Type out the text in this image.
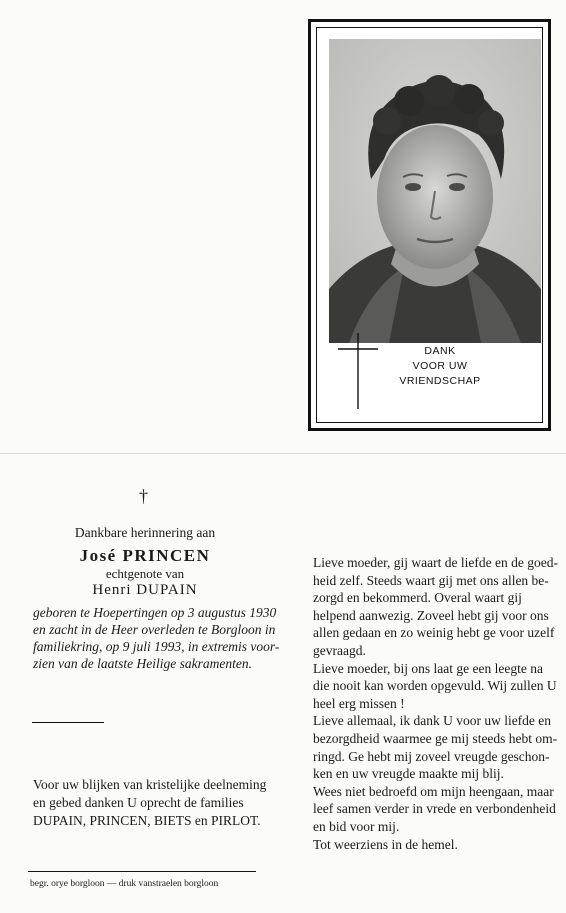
DANK
VOOR UW
VRIENDSCHAP
†
Dankbare herinnering aan
José PRINCEN
echtgenote van
Henri DUPAIN
geboren te Hoepertingen op 3 augustus 1930
en zacht in de Heer overleden te Borgloon in
familiekring, op 9 juli 1993, in extremis voor-
zien van de laatste Heilige sakramenten.
Voor uw blijken van kristelijke deelneming
en gebed danken U oprecht de families
DUPAIN, PRINCEN, BIETS en PIRLOT.
begr. orye borgloon — druk vanstraelen borgloon
Lieve moeder, gij waart de liefde en de goed-
heid zelf. Steeds waart gij met ons allen be-
zorgd en bekommerd. Overal waart gij
helpend aanwezig. Zoveel hebt gij voor ons
allen gedaan en zo weinig hebt ge voor uzelf
gevraagd.
Lieve moeder, bij ons laat ge een leegte na
die nooit kan worden opgevuld. Wij zullen U
heel erg missen !
Lieve allemaal, ik dank U voor uw liefde en
bezorgdheid waarmee ge mij steeds hebt om-
ringd. Ge hebt mij zoveel vreugde geschon-
ken en uw vreugde maakte mij blij.
Wees niet bedroefd om mijn heengaan, maar
leef samen verder in vrede en verbondenheid
en bid voor mij.
Tot weerziens in de hemel.
